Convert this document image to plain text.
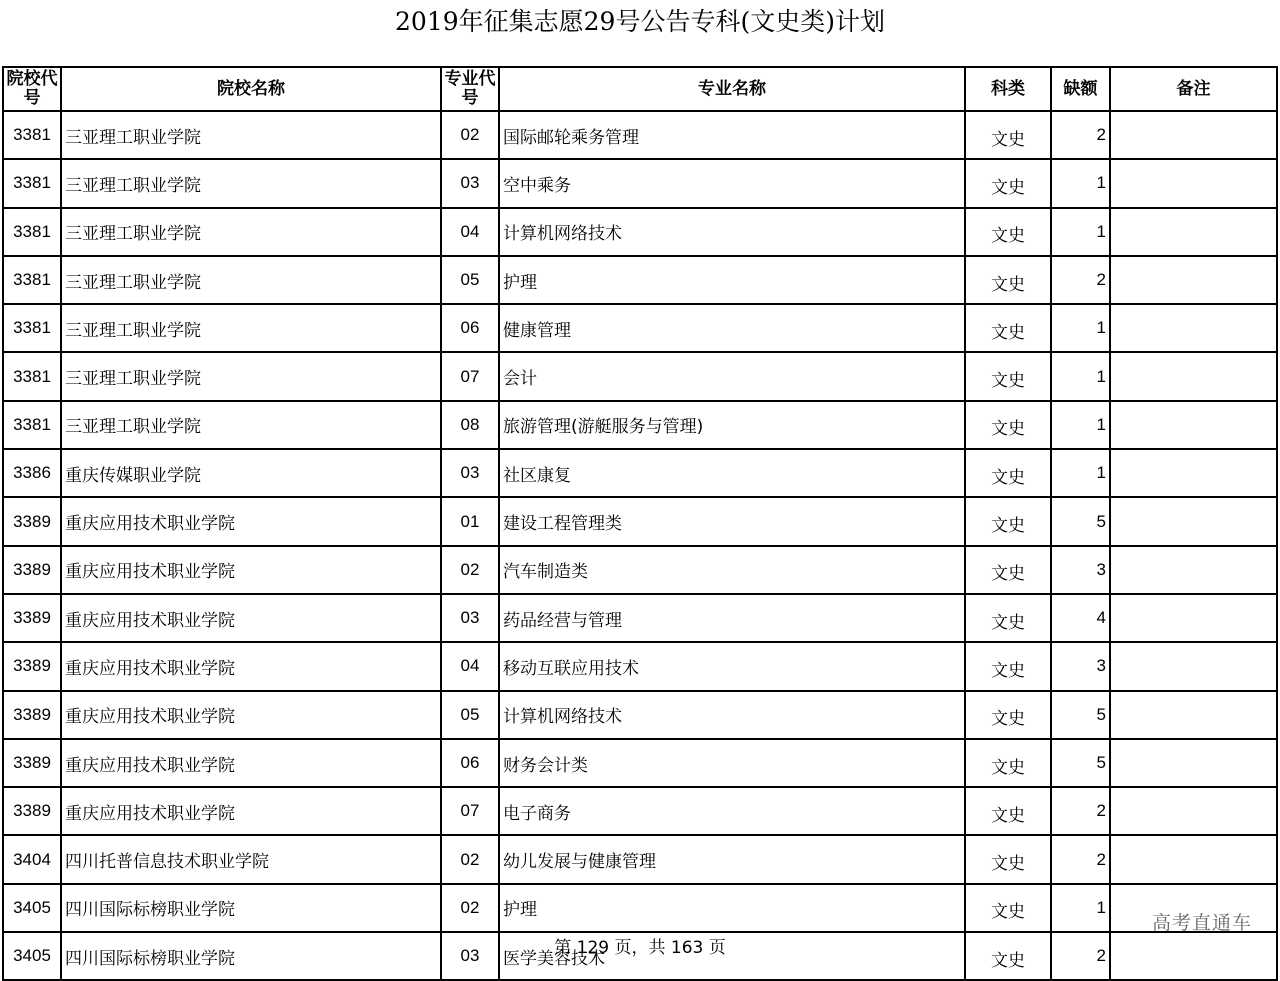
2019年征集志愿29号公告专科(文史类)计划
院校代号	院校名称	专业代号	专业名称	科类	缺额	备注
3381	三亚理工职业学院	02	国际邮轮乘务管理	文史	2	
3381	三亚理工职业学院	03	空中乘务	文史	1	
3381	三亚理工职业学院	04	计算机网络技术	文史	1	
3381	三亚理工职业学院	05	护理	文史	2	
3381	三亚理工职业学院	06	健康管理	文史	1	
3381	三亚理工职业学院	07	会计	文史	1	
3381	三亚理工职业学院	08	旅游管理(游艇服务与管理)	文史	1	
3386	重庆传媒职业学院	03	社区康复	文史	1	
3389	重庆应用技术职业学院	01	建设工程管理类	文史	5	
3389	重庆应用技术职业学院	02	汽车制造类	文史	3	
3389	重庆应用技术职业学院	03	药品经营与管理	文史	4	
3389	重庆应用技术职业学院	04	移动互联应用技术	文史	3	
3389	重庆应用技术职业学院	05	计算机网络技术	文史	5	
3389	重庆应用技术职业学院	06	财务会计类	文史	5	
3389	重庆应用技术职业学院	07	电子商务	文史	2	
3404	四川托普信息技术职业学院	02	幼儿发展与健康管理	文史	2	
3405	四川国际标榜职业学院	02	护理	文史	1	
3405	四川国际标榜职业学院	03	医学美容技术	文史	2	
高考直通车
第 129 页，共 163 页
